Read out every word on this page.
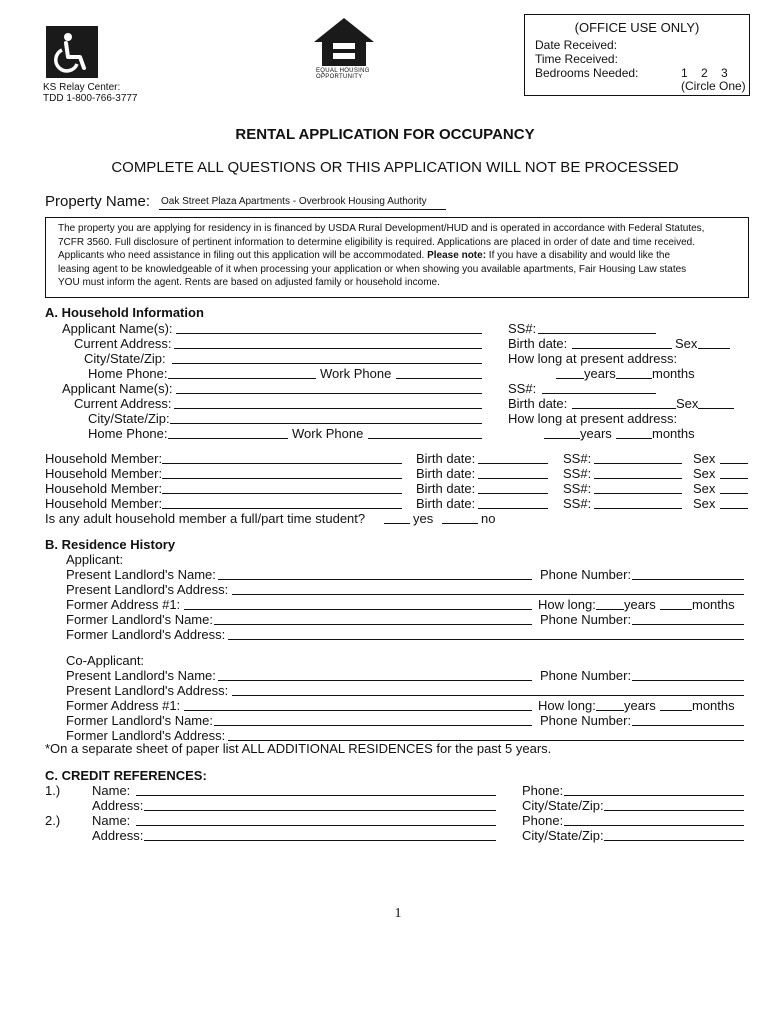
KS Relay Center:
TDD 1-800-766-3777
EQUAL HOUSING
OPPORTUNITY
(OFFICE USE ONLY)
Date Received:
Time Received:
Bedrooms Needed:	1    2    3
(Circle One)
RENTAL APPLICATION FOR OCCUPANCY
COMPLETE ALL QUESTIONS OR THIS APPLICATION WILL NOT BE PROCESSED
Property Name: Oak Street Plaza Apartments - Overbrook Housing Authority
The property you are applying for residency in is financed by USDA Rural Development/HUD and is operated in accordance with Federal Statutes,
7CFR 3560. Full disclosure of pertinent information to determine eligibility is required. Applications are placed in order of date and time received.
Applicants who need assistance in filing out this application will be accommodated. Please note: If you have a disability and would like the
leasing agent to be knowledgeable of it when processing your application or when showing you available apartments, Fair Housing Law states
YOU must inform the agent. Rents are based on adjusted family or household income.
A. Household Information
Applicant Name(s):
Current Address:
City/State/Zip:
Home Phone:	Work Phone
SS#:
Birth date:	Sex
How long at present address:
years	months
Applicant Name(s):
Current Address:
City/State/Zip:
Home Phone:	Work Phone
SS#:
Birth date:	Sex
How long at present address:
years	months
Household Member:	Birth date:	SS#:	Sex
Household Member:	Birth date:	SS#:	Sex
Household Member:	Birth date:	SS#:	Sex
Household Member:	Birth date:	SS#:	Sex
Is any adult household member a full/part time student?	yes	no
B. Residence History
Applicant:
Present Landlord's Name:	Phone Number:
Present Landlord's Address:
Former Address #1:	How long: years	months
Former Landlord's Name:	Phone Number:
Former Landlord's Address:
Co-Applicant:
Present Landlord's Name:	Phone Number:
Present Landlord's Address:
Former Address #1:	How long: years	months
Former Landlord's Name:	Phone Number:
Former Landlord's Address:
*On a separate sheet of paper list ALL ADDITIONAL RESIDENCES for the past 5 years.
C. CREDIT REFERENCES:
1.) Name:	Phone:
Address:	City/State/Zip:
2.) Name:	Phone:
Address:	City/State/Zip:
1
